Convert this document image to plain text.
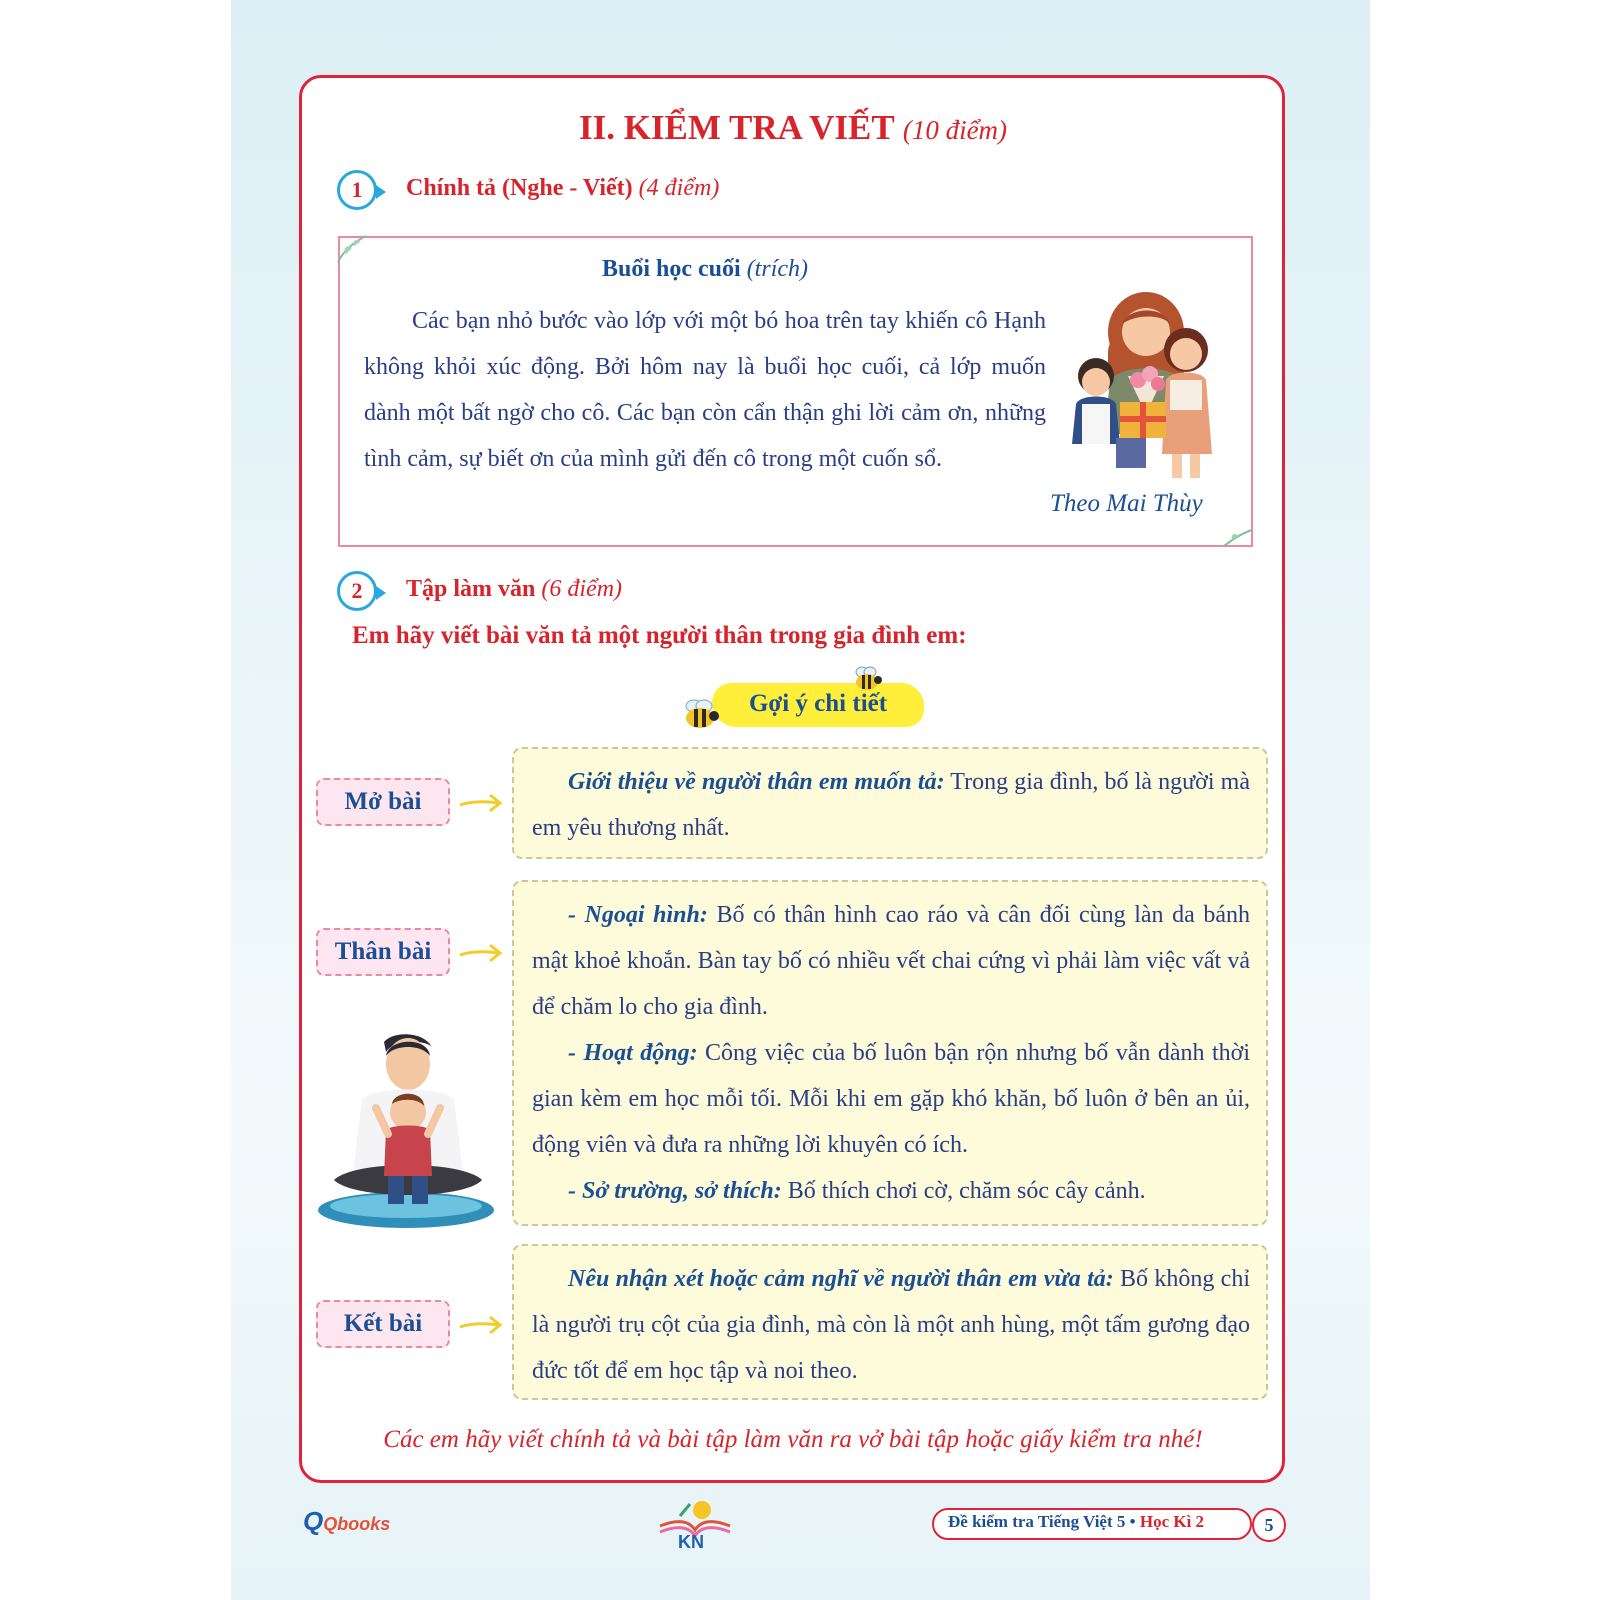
II. KIỂM TRA VIẾT (10 điểm)
1	Chính tả (Nghe - Viết) (4 điểm)
Buổi học cuối (trích)

Các bạn nhỏ bước vào lớp với một bó hoa trên tay khiến cô Hạnh không khỏi xúc động. Bởi hôm nay là buổi học cuối, cả lớp muốn dành một bất ngờ cho cô. Các bạn còn cẩn thận ghi lời cảm ơn, những tình cảm, sự biết ơn của mình gửi đến cô trong một cuốn sổ.

Theo Mai Thùy
2	Tập làm văn (6 điểm)
Em hãy viết bài văn tả một người thân trong gia đình em:
Gợi ý chi tiết
Mở bài

Giới thiệu về người thân em muốn tả: Trong gia đình, bố là người mà em yêu thương nhất.

Thân bài

- Ngoại hình: Bố có thân hình cao ráo và cân đối cùng làn da bánh mật khoẻ khoắn. Bàn tay bố có nhiều vết chai cứng vì phải làm việc vất vả để chăm lo cho gia đình.

- Hoạt động: Công việc của bố luôn bận rộn nhưng bố vẫn dành thời gian kèm em học mỗi tối. Mỗi khi em gặp khó khăn, bố luôn ở bên an ủi, động viên và đưa ra những lời khuyên có ích.

- Sở trường, sở thích: Bố thích chơi cờ, chăm sóc cây cảnh.

Kết bài

Nêu nhận xét hoặc cảm nghĩ về người thân em vừa tả: Bố không chỉ là người trụ cột của gia đình, mà còn là một anh hùng, một tấm gương đạo đức tốt để em học tập và noi theo.

Các em hãy viết chính tả và bài tập làm văn ra vở bài tập hoặc giấy kiểm tra nhé!
QQbooks
KN
Đề kiểm tra Tiếng Việt 5 • Học Kì 2	5
